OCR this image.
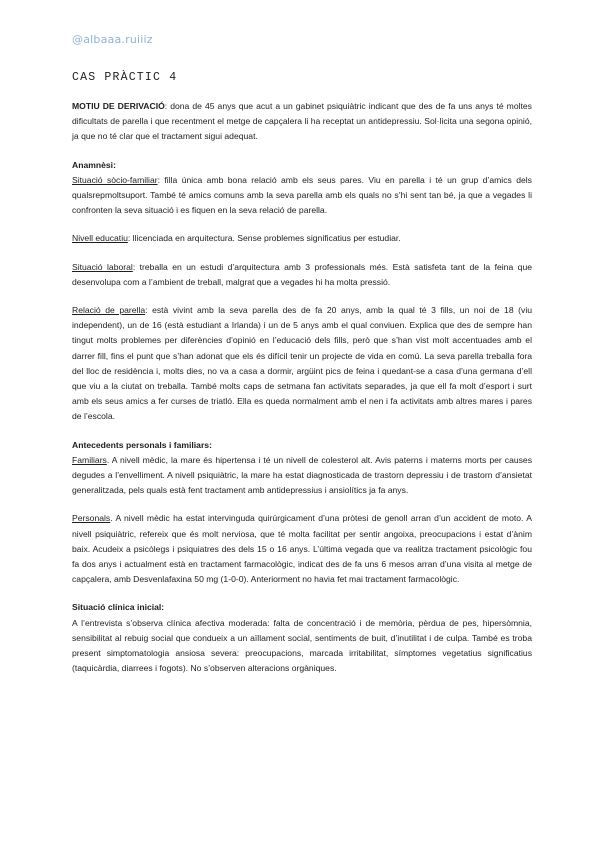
@albaaa.ruiiiz
CAS PRÀCTIC 4

MOTIU DE DERIVACIÓ: dona de 45 anys que acut a un gabinet psiquiàtric indicant que des de fa uns anys té moltes dificultats de parella i que recentment el metge de capçalera li ha receptat un antidepressiu. Sol·licita una segona opinió, ja que no té clar que el tractament sigui adequat.

Anamnèsi:
Situació sòcio-familiar: filla única amb bona relació amb els seus pares. Viu en parella i té un grup d’amics dels qualsrepmoltsuport. També té amics comuns amb la seva parella amb els quals no s’hi sent tan bé, ja que a vegades li confronten la seva situació i es fiquen en la seva relació de parella.

Nivell educatiu: llicenciada en arquitectura. Sense problemes significatius per estudiar.

Situació laboral: treballa en un estudi d’arquitectura amb 3 professionals més. Està satisfeta tant de la feina que desenvolupa com a l’ambient de treball, malgrat que a vegades hi ha molta pressió.

Relació de parella: està vivint amb la seva parella des de fa 20 anys, amb la qual té 3 fills, un noi de 18 (viu independent), un de 16 (està estudiant a Irlanda) i un de 5 anys amb el qual conviuen. Explica que des de sempre han tingut molts problemes per diferències d’opinió en l’educació dels fills, però que s’han vist molt accentuades amb el darrer fill, fins el punt que s’han adonat que els és difícil tenir un projecte de vida en comú. La seva parella treballa fora del lloc de residència i, molts dies, no va a casa a dormir, argüint pics de feina i quedant-se a casa d’una germana d’ell que viu a la ciutat on treballa. També molts caps de setmana fan activitats separades, ja que ell fa molt d’esport i surt amb els seus amics a fer curses de triatló. Ella es queda normalment amb el nen i fa activitats amb altres mares i pares de l’escola.

Antecedents personals i familiars:
Familiars. A nivell mèdic, la mare és hipertensa i té un nivell de colesterol alt. Avis paterns i materns morts per causes degudes a l’envelliment. A nivell psiquiàtric, la mare ha estat diagnosticada de trastorn depressiu i de trastorn d’ansietat generalitzada, pels quals està fent tractament amb antidepressius i ansiolítics ja fa anys.

Personals. A nivell mèdic ha estat intervinguda quirúrgicament d’una pròtesi de genoll arran d’un accident de moto. A nivell psiquiàtric, refereix que és molt nerviosa, que té molta facilitat per sentir angoixa, preocupacions i estat d’ànim baix. Acudeix a psicòlegs i psiquiatres des dels 15 o 16 anys. L’última vegada que va realitza tractament psicològic fou fa dos anys i actualment està en tractament farmacològic, indicat des de fa uns 6 mesos arran d’una visita al metge de capçalera, amb Desvenlafaxina 50 mg (1-0-0). Anteriorment no havia fet mai tractament farmacològic.

Situació clínica inicial:
A l’entrevista s’observa clínica afectiva moderada: falta de concentració i de memòria, pèrdua de pes, hipersòmnia, sensibilitat al rebuig social que condueix a un aïllament social, sentiments de buit, d’inutilitat i de culpa. També es troba present simptomatologia ansiosa severa: preocupacions, marcada irritabilitat, símptomes vegetatius significatius (taquicàrdia, diarrees i fogots). No s’observen alteracions orgàniques.
